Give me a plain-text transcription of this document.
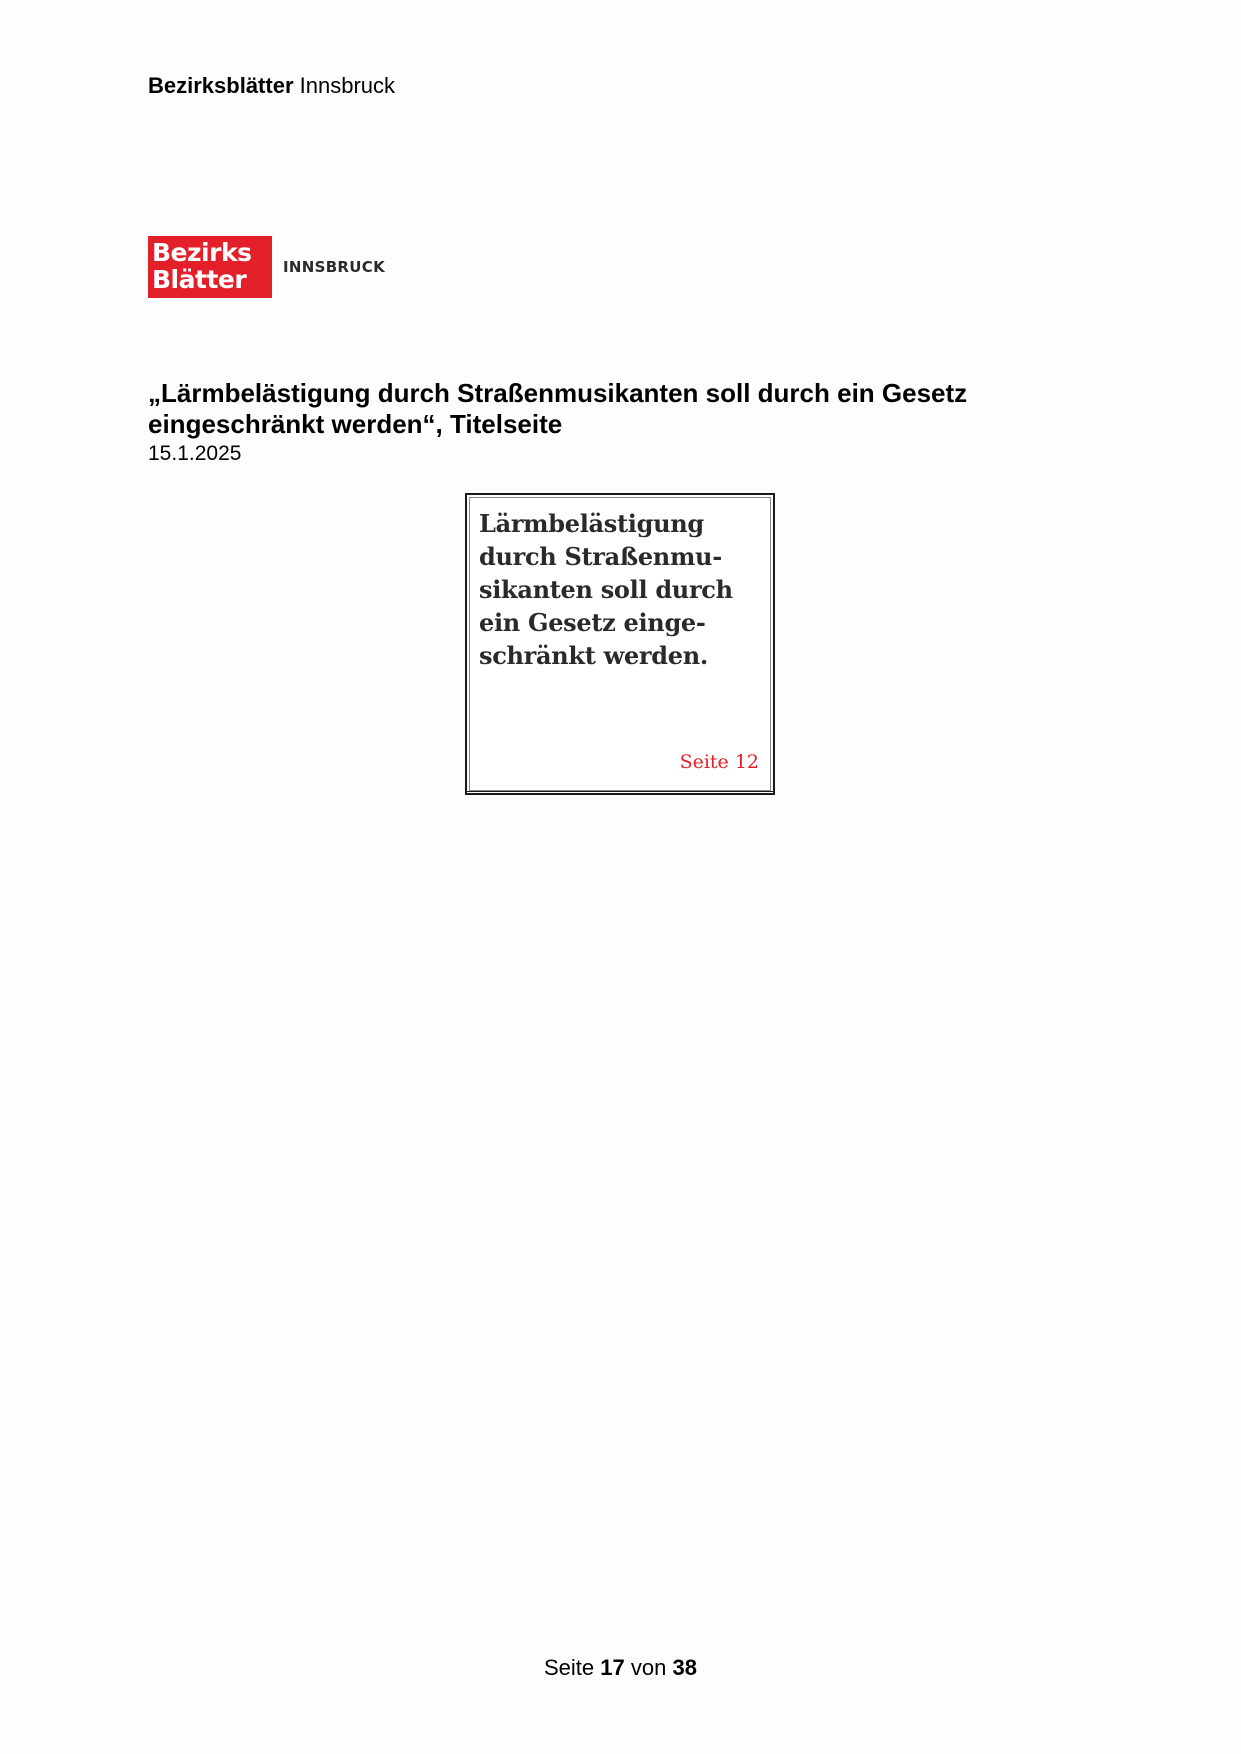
Bezirksblätter Innsbruck
Bezirks
Blätter	INNSBRUCK
„Lärmbelästigung durch Straßenmusikanten soll durch ein Gesetz
eingeschränkt werden“, Titelseite
15.1.2025
Lärmbelästigung
durch Straßenmu-
sikanten soll durch
ein Gesetz einge-
schränkt werden.
Seite 12
Seite 17 von 38
